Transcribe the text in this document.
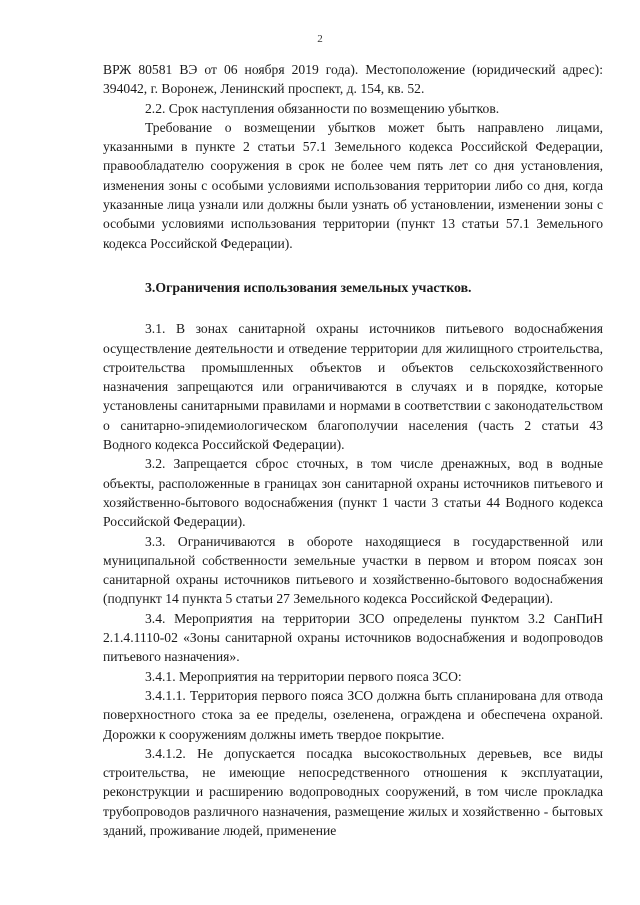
2

ВРЖ 80581 ВЭ от 06 ноября 2019 года). Местоположение (юридический адрес): 394042, г. Воронеж, Ленинский проспект, д. 154, кв. 52.

2.2. Срок наступления обязанности по возмещению убытков.

Требование о возмещении убытков может быть направлено лицами, указанными в пункте 2 статьи 57.1 Земельного кодекса Российской Федерации, правообладателю сооружения в срок не более чем пять лет со дня установления, изменения зоны с особыми условиями использования территории либо со дня, когда указанные лица узнали или должны были узнать об установлении, изменении зоны с особыми условиями использования территории (пункт 13 статьи 57.1 Земельного кодекса Российской Федерации).

3.Ограничения использования земельных участков.

3.1. В зонах санитарной охраны источников питьевого водоснабжения осуществление деятельности и отведение территории для жилищного строительства, строительства промышленных объектов и объектов сельскохозяйственного назначения запрещаются или ограничиваются в случаях и в порядке, которые установлены санитарными правилами и нормами в соответствии с законодательством о санитарно-эпидемиологическом благополучии населения (часть 2 статьи 43 Водного кодекса Российской Федерации).

3.2. Запрещается сброс сточных, в том числе дренажных, вод в водные объекты, расположенные в границах зон санитарной охраны источников питьевого и хозяйственно-бытового водоснабжения (пункт 1 части 3 статьи 44 Водного кодекса Российской Федерации).

3.3. Ограничиваются в обороте находящиеся в государственной или муниципальной собственности земельные участки в первом и втором поясах зон санитарной охраны источников питьевого и хозяйственно-бытового водоснабжения (подпункт 14 пункта 5 статьи 27 Земельного кодекса Российской Федерации).

3.4. Мероприятия на территории ЗСО определены пунктом 3.2 СанПиН 2.1.4.1110-02 «Зоны санитарной охраны источников водоснабжения и водопроводов питьевого назначения».

3.4.1. Мероприятия на территории первого пояса ЗСО:

3.4.1.1. Территория первого пояса ЗСО должна быть спланирована для отвода поверхностного стока за ее пределы, озеленена, ограждена и обеспечена охраной. Дорожки к сооружениям должны иметь твердое покрытие.

3.4.1.2. Не допускается посадка высокоствольных деревьев, все виды строительства, не имеющие непосредственного отношения к эксплуатации, реконструкции и расширению водопроводных сооружений, в том числе прокладка трубопроводов различного назначения, размещение жилых и хозяйственно - бытовых зданий, проживание людей, применение
